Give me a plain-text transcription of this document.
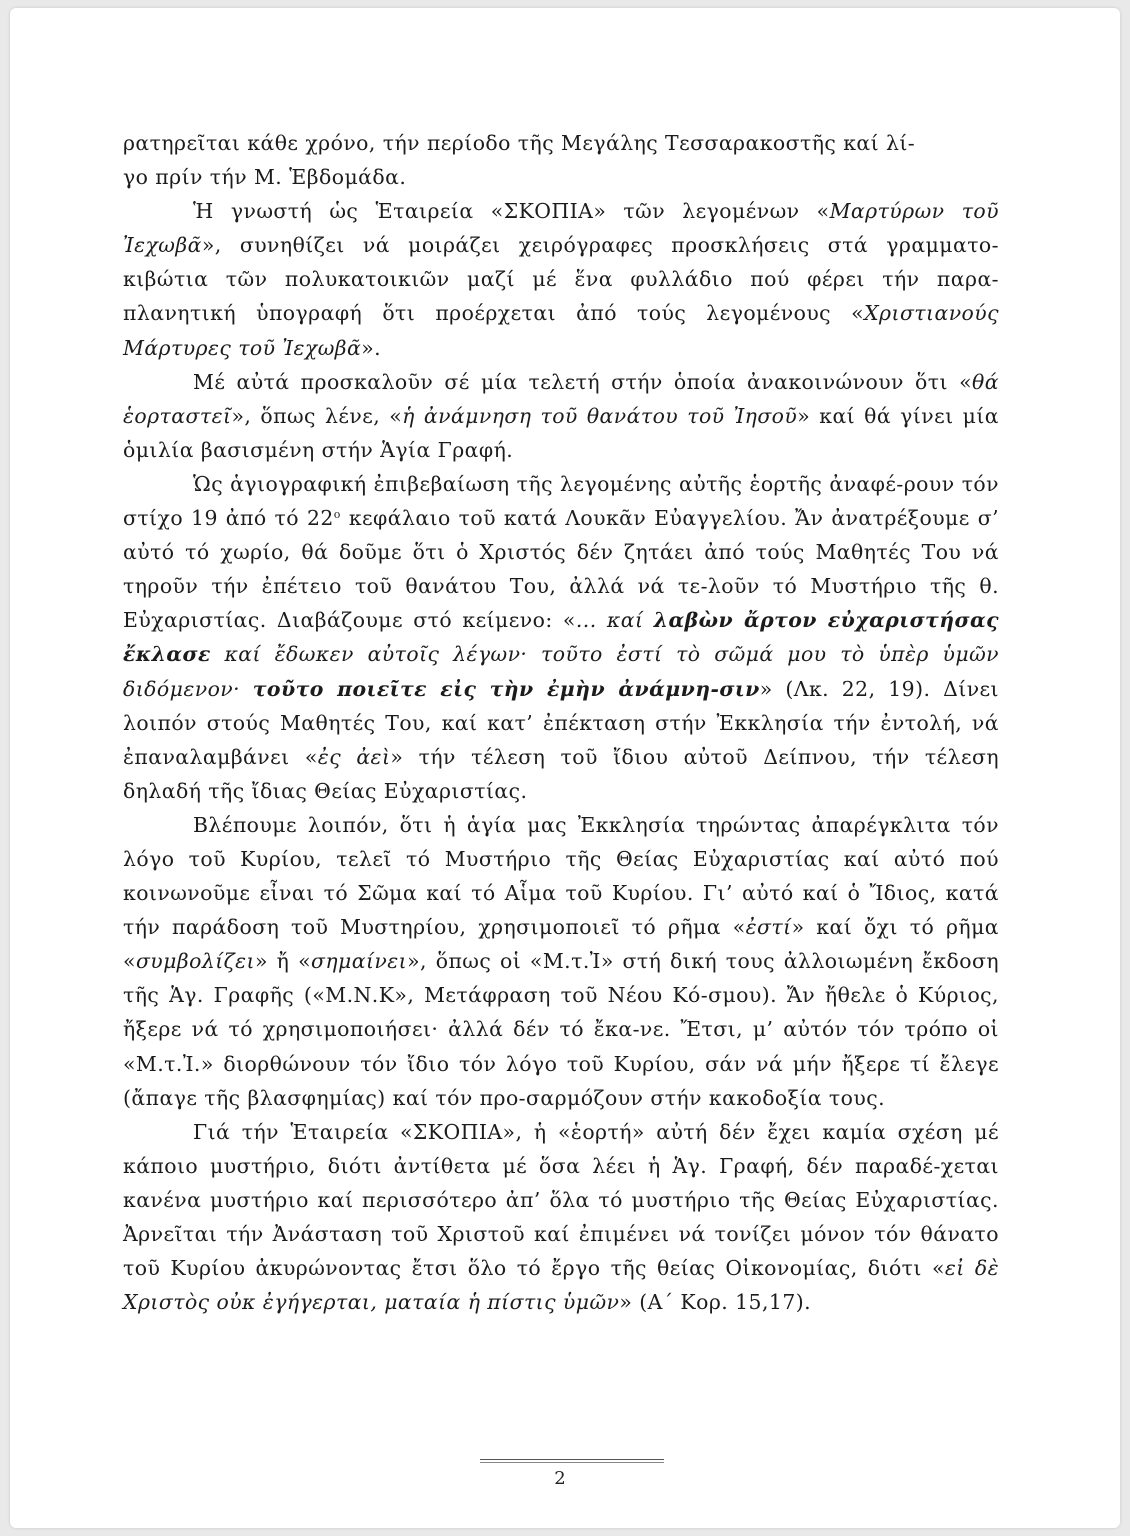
ρατηρεῖται κάθε χρόνο, τήν περίοδο τῆς Μεγάλης Τεσσαρακοστῆς καί λί-
γο πρίν τήν Μ. Ἑβδομάδα.

Ἡ γνωστή ὡς Ἑταιρεία «ΣΚΟΠΙΑ» τῶν λεγομένων «Μαρτύρων τοῦ Ἰεχωβᾶ», συνηθίζει νά μοιράζει χειρόγραφες προσκλήσεις στά γραμματο-κιβώτια τῶν πολυκατοικιῶν μαζί μέ ἕνα φυλλάδιο πού φέρει τήν παρα-πλανητική ὑπογραφή ὅτι προέρχεται ἀπό τούς λεγομένους «Χριστιανούς Μάρτυρες τοῦ Ἰεχωβᾶ».

Μέ αὐτά προσκαλοῦν σέ μία τελετή στήν ὁποία ἀνακοινώνουν ὅτι «θά ἑορταστεῖ», ὅπως λένε, «ἡ ἀνάμνηση τοῦ θανάτου τοῦ Ἰησοῦ» καί θά γίνει μία ὁμιλία βασισμένη στήν Ἁγία Γραφή.

Ὡς ἁγιογραφική ἐπιβεβαίωση τῆς λεγομένης αὐτῆς ἑορτῆς ἀναφέ-ρουν τόν στίχο 19 ἀπό τό $22^o$ κεφάλαιο τοῦ κατά Λουκᾶν Εὐαγγελίου. Ἄν ἀνατρέξουμε σ’ αὐτό τό χωρίο, θά δοῦμε ὅτι ὁ Χριστός δέν ζητάει ἀπό τούς Μαθητές Του νά τηροῦν τήν ἐπέτειο τοῦ θανάτου Του, ἀλλά νά τε-λοῦν τό Μυστήριο τῆς θ. Εὐχαριστίας. Διαβάζουμε στό κείμενο: «... καί λαβὼν ἄρτον εὐχαριστήσας ἔκλασε καί ἔδωκεν αὐτοῖς λέγων· τοῦτο ἐστί τὸ σῶμά μου τὸ ὑπὲρ ὑμῶν διδόμενον· τοῦτο ποιεῖτε εἰς τὴν ἐμὴν ἀνάμνη-σιν» (Λκ. 22, 19). Δίνει λοιπόν στούς Μαθητές Του, καί κατ’ ἐπέκταση στήν Ἐκκλησία τήν ἐντολή, νά ἐπαναλαμβάνει «ἐς ἀεὶ» τήν τέλεση τοῦ ἴδιου αὐτοῦ Δείπνου, τήν τέλεση δηλαδή τῆς ἴδιας Θείας Εὐχαριστίας.

Βλέπουμε λοιπόν, ὅτι ἡ ἁγία μας Ἐκκλησία τηρώντας ἀπαρέγκλιτα τόν λόγο τοῦ Κυρίου, τελεῖ τό Μυστήριο τῆς Θείας Εὐχαριστίας καί αὐτό πού κοινωνοῦμε εἶναι τό Σῶμα καί τό Αἷμα τοῦ Κυρίου. Γι’ αὐτό καί ὁ Ἴδιος, κατά τήν παράδοση τοῦ Μυστηρίου, χρησιμοποιεῖ τό ρῆμα «ἐστί» καί ὄχι τό ρῆμα «συμβολίζει» ἤ «σημαίνει», ὅπως οἱ «Μ.τ.Ἰ» στή δική τους ἀλλοιωμένη ἔκδοση τῆς Ἁγ. Γραφῆς («Μ.Ν.Κ», Μετάφραση τοῦ Νέου Κό-σμου). Ἄν ἤθελε ὁ Κύριος, ἤξερε νά τό χρησιμοποιήσει· ἀλλά δέν τό ἔκα-νε. Ἔτσι, μ’ αὐτόν τόν τρόπο οἱ «Μ.τ.Ἰ.» διορθώνουν τόν ἴδιο τόν λόγο τοῦ Κυρίου, σάν νά μήν ἤξερε τί ἔλεγε (ἄπαγε τῆς βλασφημίας) καί τόν προ-σαρμόζουν στήν κακοδοξία τους.

Γιά τήν Ἑταιρεία «ΣΚΟΠΙΑ», ἡ «ἑορτή» αὐτή δέν ἔχει καμία σχέση μέ κάποιο μυστήριο, διότι ἀντίθετα μέ ὅσα λέει ἡ Ἁγ. Γραφή, δέν παραδέ-χεται κανένα μυστήριο καί περισσότερο ἀπ’ ὅλα τό μυστήριο τῆς Θείας Εὐχαριστίας. Ἀρνεῖται τήν Ἀνάσταση τοῦ Χριστοῦ καί ἐπιμένει νά τονίζει μόνον τόν θάνατο τοῦ Κυρίου ἀκυρώνοντας ἔτσι ὅλο τό ἔργο τῆς θείας Οἰκονομίας, διότι «εἰ δὲ Χριστὸς οὐκ ἐγήγερται, ματαία ἡ πίστις ὑμῶν» (Α΄ Κορ. 15,17).

2
